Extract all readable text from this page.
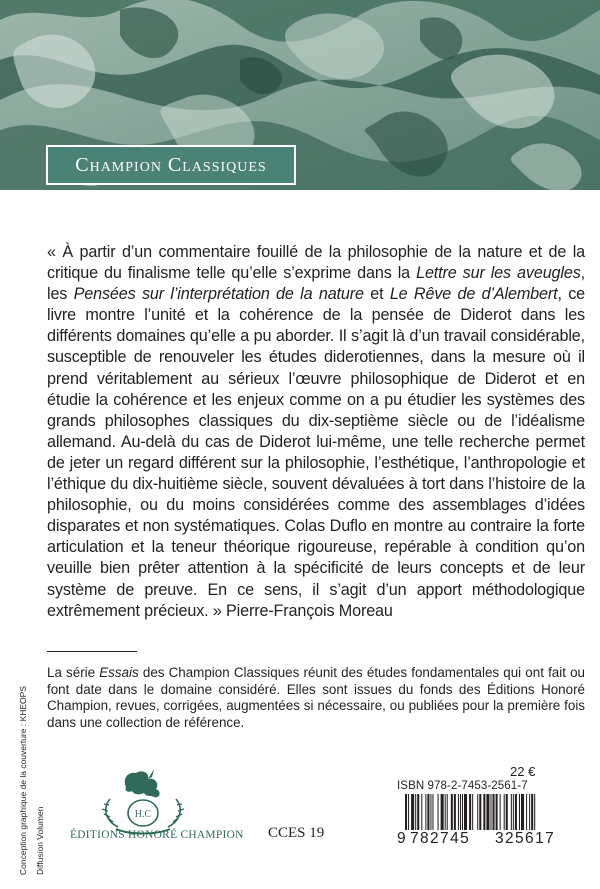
Champion Classiques

« À partir d’un commentaire fouillé de la philosophie de la nature et de la critique du finalisme telle qu’elle s’exprime dans la Lettre sur les aveugles, les Pensées sur l’interprétation de la nature et Le Rêve de d’Alembert, ce livre montre l’unité et la cohérence de la pensée de Diderot dans les différents domaines qu’elle a pu aborder. Il s’agit là d’un travail considérable, susceptible de renouveler les études diderotiennes, dans la mesure où il prend véritablement au sérieux l’œuvre philosophique de Diderot et en étudie la cohérence et les enjeux comme on a pu étudier les systèmes des grands philosophes classiques du dix-septième siècle ou de l’idéalisme allemand. Au-delà du cas de Diderot lui-même, une telle recherche permet de jeter un regard différent sur la philosophie, l’esthétique, l’anthropologie et l’éthique du dix-huitième siècle, souvent dévaluées à tort dans l’histoire de la philosophie, ou du moins considérées comme des assemblages d’idées disparates et non systématiques. Colas Duflo en montre au contraire la forte articulation et la teneur théorique rigoureuse, repérable à condition qu’on veuille bien prêter attention à la spécificité de leurs concepts et de leur système de preuve. En ce sens, il s’agit d’un apport méthodologique extrêmement précieux. » Pierre-François Moreau

La série Essais des Champion Classiques réunit des études fondamentales qui ont fait ou font date dans le domaine considéré. Elles sont issues du fonds des Éditions Honoré Champion, revues, corrigées, augmentées si nécessaire, ou publiées pour la première fois dans une collection de référence.

Conception graphique de la couverture : KHEOPS Diffusion Volumen	H.C
ÉDITIONS HONORÉ CHAMPION CCES 19
22 €
ISBN 978-2-7453-2561-7
9 782745 325617
